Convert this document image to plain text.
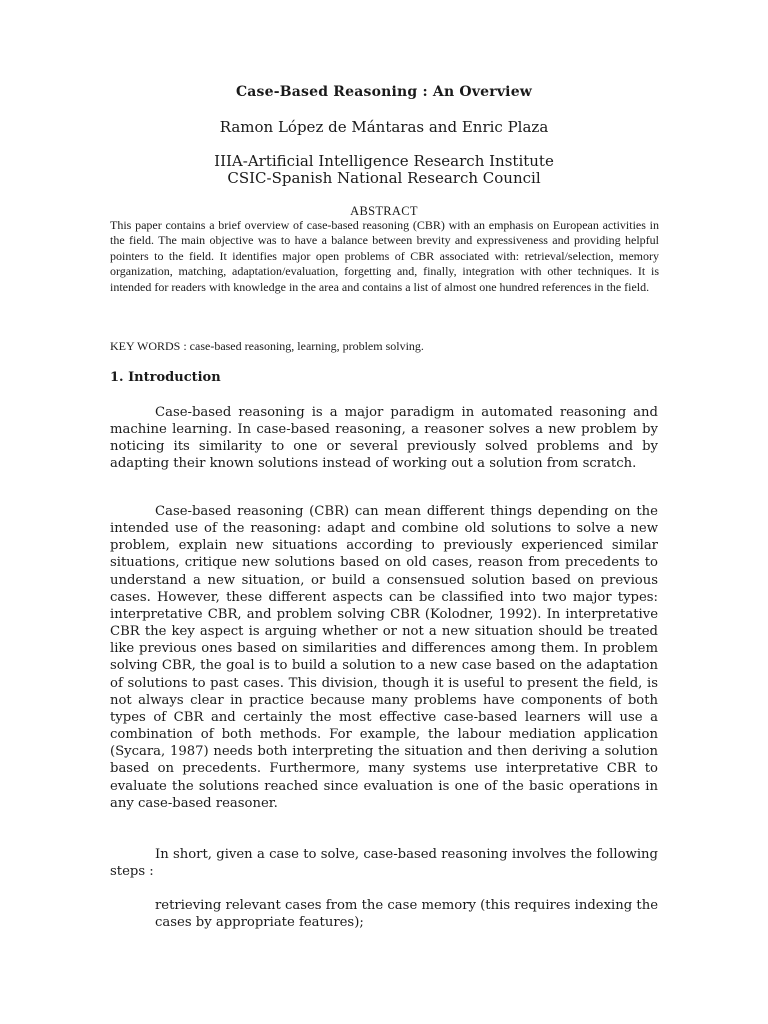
Case-Based Reasoning : An Overview
Ramon López de Mántaras and Enric Plaza
IIIA-Artificial Intelligence Research Institute
CSIC-Spanish National Research Council
ABSTRACT
This paper contains a brief overview of case-based reasoning (CBR) with an emphasis on European activities in the field. The main objective was to have a balance between brevity and expressiveness and providing helpful pointers to the field. It identifies major open problems of CBR associated with: retrieval/selection, memory organization, matching, adaptation/evaluation, forgetting and, finally, integration with other techniques. It is intended for readers with knowledge in the area and contains a list of almost one hundred references in the field.
KEY WORDS : case-based reasoning, learning, problem solving.
1. Introduction
Case-based reasoning is a major paradigm in automated reasoning and machine learning. In case-based reasoning, a reasoner solves a new problem by noticing its similarity to one or several previously solved problems and by adapting their known solutions instead of working out a solution from scratch.
Case-based reasoning (CBR) can mean different things depending on the intended use of the reasoning: adapt and combine old solutions to solve a new problem, explain new situations according to previously experienced similar situations, critique new solutions based on old cases, reason from precedents to understand a new situation, or build a consensued solution based on previous cases. However, these different aspects can be classified into two major types: interpretative CBR, and problem solving CBR (Kolodner, 1992). In interpretative CBR the key aspect is arguing whether or not a new situation should be treated like previous ones based on similarities and differences among them. In problem solving CBR, the goal is to build a solution to a new case based on the adaptation of solutions to past cases. This division, though it is useful to present the field, is not always clear in practice because many problems have components of both types of CBR and certainly the most effective case-based learners will use a combination of both methods. For example, the labour mediation application (Sycara, 1987) needs both interpreting the situation and then deriving a solution based on precedents. Furthermore, many systems use interpretative CBR to evaluate the solutions reached since evaluation is one of the basic operations in any case-based reasoner.
In short, given a case to solve, case-based reasoning involves the following steps :
retrieving relevant cases from the case memory (this requires indexing the cases by appropriate features);
